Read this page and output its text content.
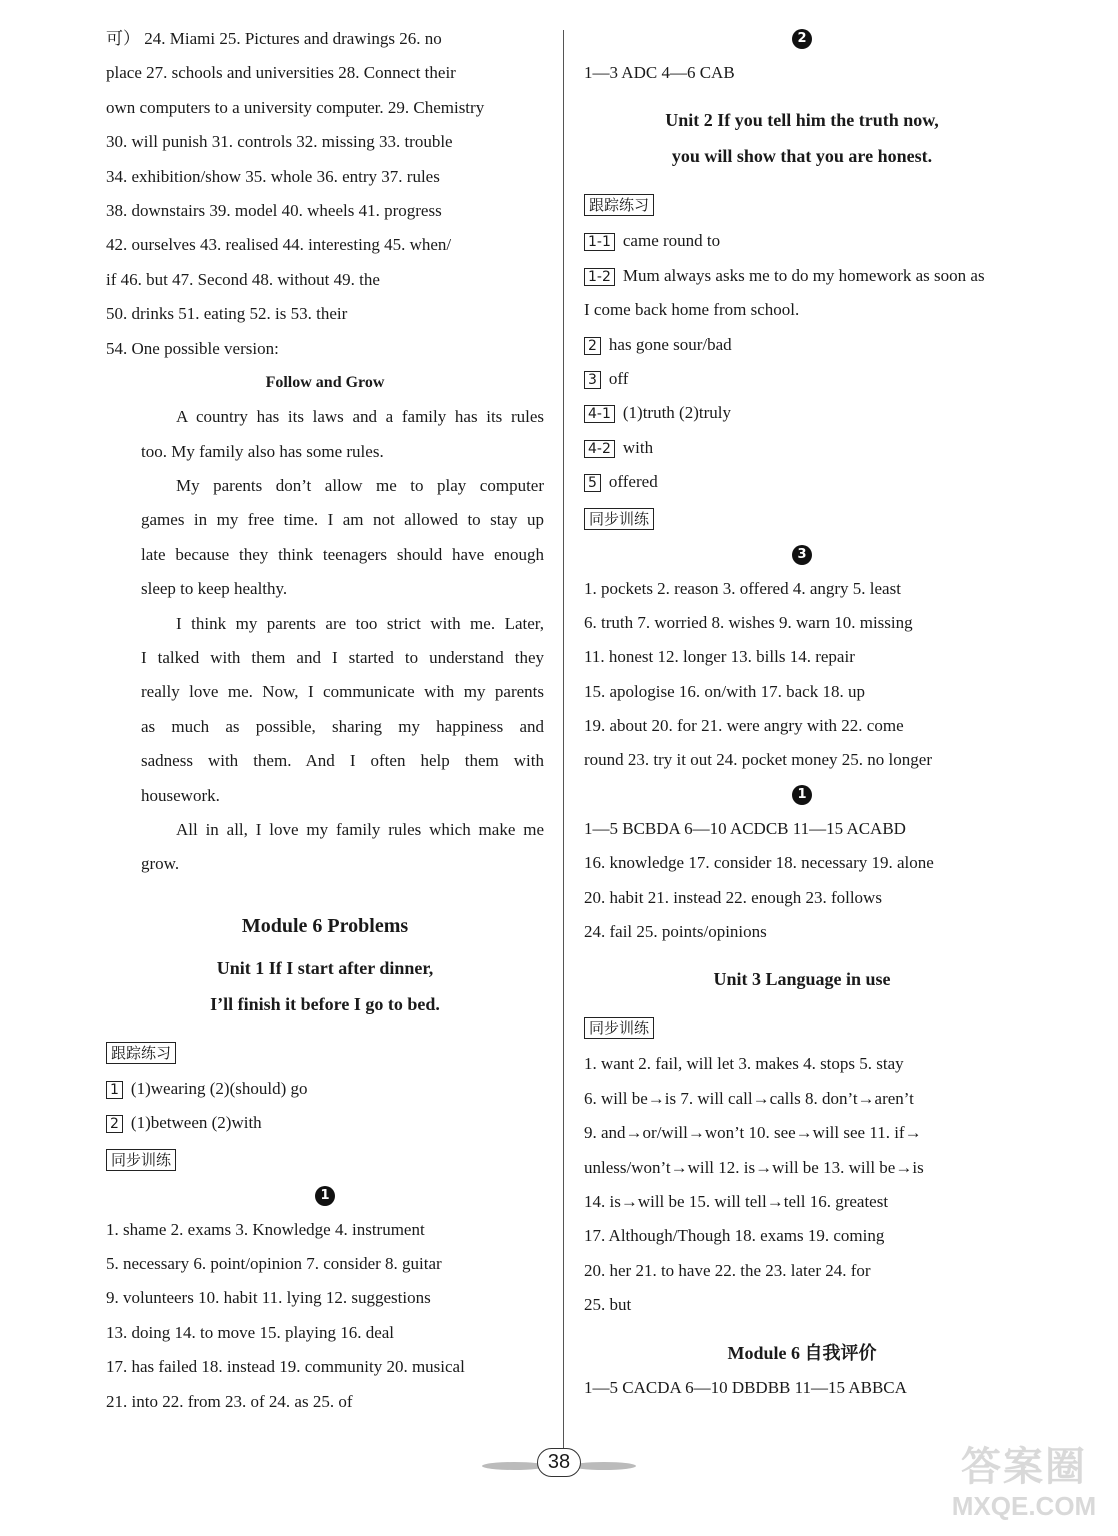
可） 24. Miami 25. Pictures and drawings 26. no
place 27. schools and universities 28. Connect their
own computers to a university computer. 29. Chemistry
30. will punish 31. controls 32. missing 33. trouble
34. exhibition/show 35. whole 36. entry 37. rules
38. downstairs 39. model 40. wheels 41. progress
42. ourselves 43. realised 44. interesting 45. when/
if 46. but 47. Second 48. without 49. the
50. drinks 51. eating 52. is 53. their
54. One possible version:
Follow and Grow
A country has its laws and a family has its rules
too. My family also has some rules.
My parents don’t allow me to play computer
games in my free time. I am not allowed to stay up
late because they think teenagers should have enough
sleep to keep healthy.
I think my parents are too strict with me. Later,
I talked with them and I started to understand they
really love me. Now, I communicate with my parents
as much as possible, sharing my happiness and
sadness with them. And I often help them with
housework.
All in all, I love my family rules which make me
grow.
Module 6 Problems
Unit 1 If I start after dinner,
I’ll finish it before I go to bed.
跟踪练习
1 (1)wearing (2)(should) go
2 (1)between (2)with
同步训练
1
1. shame 2. exams 3. Knowledge 4. instrument
5. necessary 6. point/opinion 7. consider 8. guitar
9. volunteers 10. habit 11. lying 12. suggestions
13. doing 14. to move 15. playing 16. deal
17. has failed 18. instead 19. community 20. musical
21. into 22. from 23. of 24. as 25. of
2
1—3 ADC 4—6 CAB
Unit 2 If you tell him the truth now,
you will show that you are honest.
跟踪练习
1-1 came round to
1-2 Mum always asks me to do my homework as soon as
I come back home from school.
2 has gone sour/bad
3 off
4-1 (1)truth (2)truly
4-2 with
5 offered
同步训练
3
1. pockets 2. reason 3. offered 4. angry 5. least
6. truth 7. worried 8. wishes 9. warn 10. missing
11. honest 12. longer 13. bills 14. repair
15. apologise 16. on/with 17. back 18. up
19. about 20. for 21. were angry with 22. come
round 23. try it out 24. pocket money 25. no longer
1
1—5 BCBDA 6—10 ACDCB 11—15 ACABD
16. knowledge 17. consider 18. necessary 19. alone
20. habit 21. instead 22. enough 23. follows
24. fail 25. points/opinions
Unit 3 Language in use
同步训练
1. want 2. fail, will let 3. makes 4. stops 5. stay
6. will be→is 7. will call→calls 8. don’t→aren’t
9. and→or/will→won’t 10. see→will see 11. if→
unless/won’t→will 12. is→will be 13. will be→is
14. is→will be 15. will tell→tell 16. greatest
17. Although/Though 18. exams 19. coming
20. her 21. to have 22. the 23. later 24. for
25. but
Module 6 自我评价
1—5 CACDA 6—10 DBDBB 11—15 ABBCA
38	答案圈
MXQE.COM
